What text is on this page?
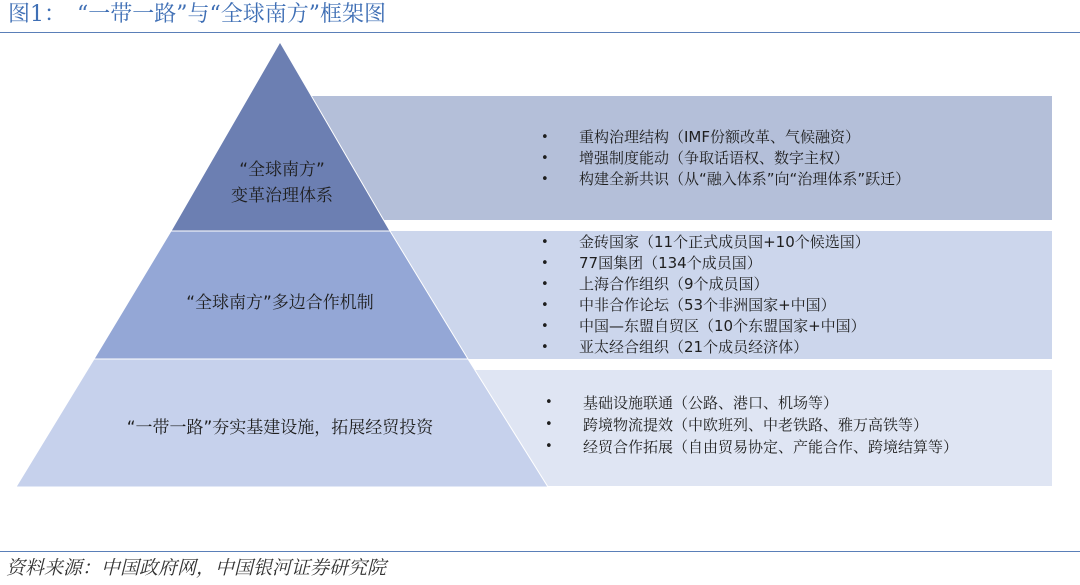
图1：　“一带一路”与“全球南方”框架图
“全球南方”
变革治理体系
“全球南方”多边合作机制
“一带一路”夯实基建设施，拓展经贸投资
• 重构治理结构（IMF份额改革、气候融资）
• 增强制度能动（争取话语权、数字主权）
• 构建全新共识（从“融入体系”向“治理体系”跃迁）
• 金砖国家（11个正式成员国+10个候选国）
• 77国集团（134个成员国）
• 上海合作组织（9个成员国）
• 中非合作论坛（53个非洲国家+中国）
• 中国—东盟自贸区（10个东盟国家+中国）
• 亚太经合组织（21个成员经济体）
• 基础设施联通（公路、港口、机场等）
• 跨境物流提效（中欧班列、中老铁路、雅万高铁等）
• 经贸合作拓展（自由贸易协定、产能合作、跨境结算等）
资料来源：中国政府网，中国银河证券研究院
